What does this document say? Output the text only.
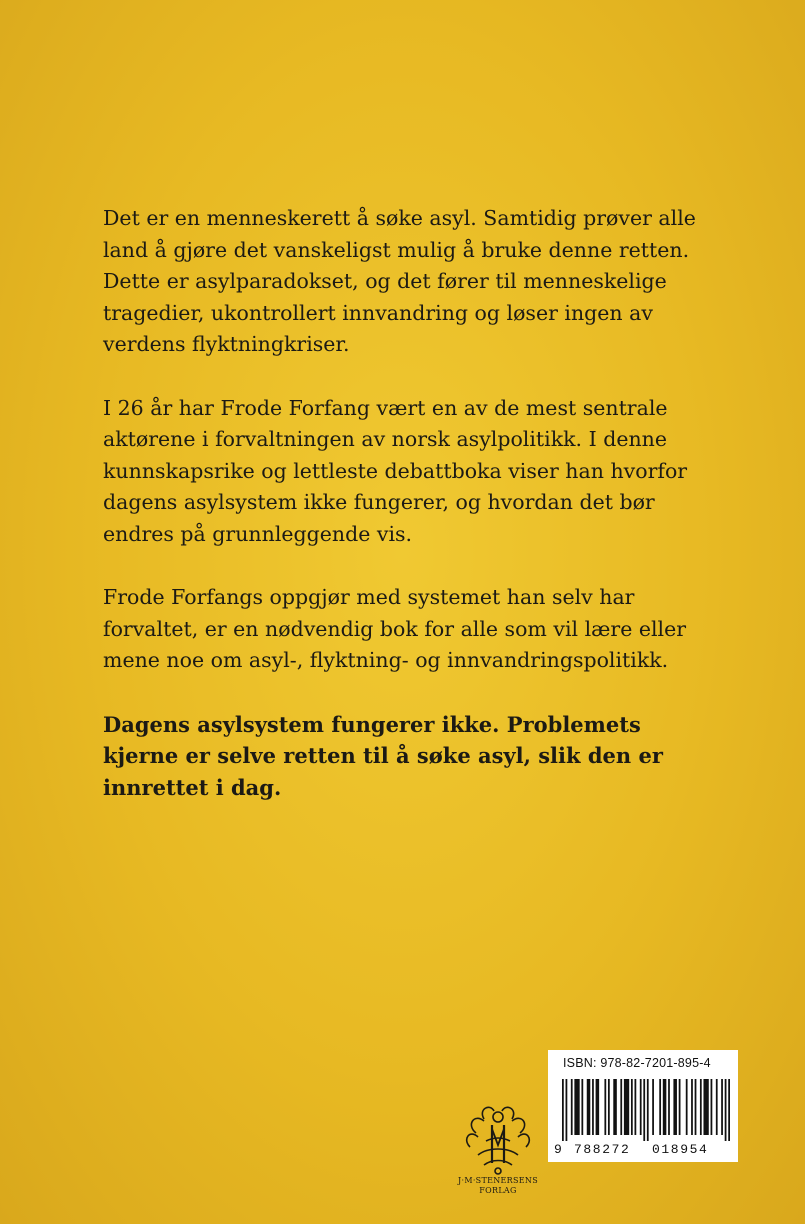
Det er en menneskerett å søke asyl. Samtidig prøver alle
land å gjøre det vanskeligst mulig å bruke denne retten.
Dette er asylparadokset, og det fører til menneskelige
tragedier, ukontrollert innvandring og løser ingen av
verdens flyktningkriser.

I 26 år har Frode Forfang vært en av de mest sentrale
aktørene i forvaltningen av norsk asylpolitikk. I denne
kunnskapsrike og lettleste debattboka viser han hvorfor
dagens asylsystem ikke fungerer, og hvordan det bør
endres på grunnleggende vis.

Frode Forfangs oppgjør med systemet han selv har
forvaltet, er en nødvendig bok for alle som vil lære eller
mene noe om asyl-, flyktning- og innvandringspolitikk.

Dagens asylsystem fungerer ikke. Problemets
kjerne er selve retten til å søke asyl, slik den er
innrettet i dag.

J·M·STENERSENS
FORLAG
ISBN: 978-82-7201-895-4
9 788272 018954
